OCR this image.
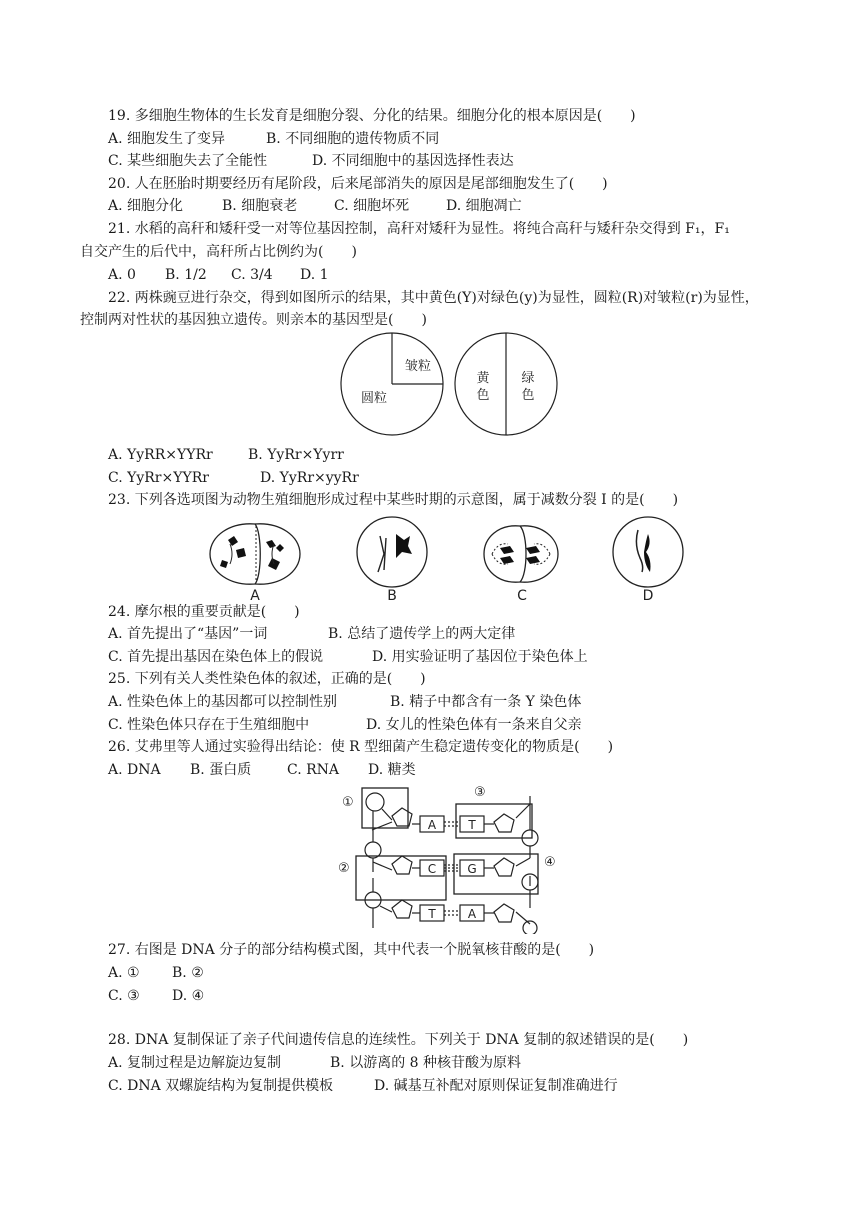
19. 多细胞生物体的生长发育是细胞分裂、分化的结果。细胞分化的根本原因是(　　)
A. 细胞发生了变异	B. 不同细胞的遗传物质不同
C. 某些细胞失去了全能性	D. 不同细胞中的基因选择性表达
20. 人在胚胎时期要经历有尾阶段，后来尾部消失的原因是尾部细胞发生了(　　)
A. 细胞分化	B. 细胞衰老	C. 细胞坏死	D. 细胞凋亡
21. 水稻的高秆和矮秆受一对等位基因控制，高秆对矮秆为显性。将纯合高秆与矮秆杂交得到 F₁，F₁
自交产生的后代中，高秆所占比例约为(　　)
A. 0 B. 1/2 C. 3/4 D. 1
22. 两株豌豆进行杂交，得到如图所示的结果，其中黄色(Y)对绿色(y)为显性，圆粒(R)对皱粒(r)为显性，
控制两对性状的基因独立遗传。则亲本的基因型是(　　)
皱粒
圆粒
黄
色
绿
色
A. YyRR×YYRr	B. YyRr×Yyrr
C. YyRr×YYRr	D. YyRr×yyRr
23. 下列各选项图为动物生殖细胞形成过程中某些时期的示意图，属于减数分裂 I 的是(　　)
A	B	C	D
24. 摩尔根的重要贡献是(　　)
A. 首先提出了“基因”一词	B. 总结了遗传学上的两大定律
C. 首先提出基因在染色体上的假说	D. 用实验证明了基因位于染色体上
25. 下列有关人类性染色体的叙述，正确的是(　　)
A. 性染色体上的基因都可以控制性别	B. 精子中都含有一条 Y 染色体
C. 性染色体只存在于生殖细胞中	D. 女儿的性染色体有一条来自父亲
26. 艾弗里等人通过实验得出结论：使 R 型细菌产生稳定遗传变化的物质是(　　)
A. DNA B. 蛋白质	C. RNA D. 糖类
①
②
③
④
A	T
C	G
T	A
27. 右图是 DNA 分子的部分结构模式图，其中代表一个脱氧核苷酸的是(　　)
A. ① B. ②
C. ③ D. ④
28. DNA 复制保证了亲子代间遗传信息的连续性。下列关于 DNA 复制的叙述错误的是(　　)
A. 复制过程是边解旋边复制	B. 以游离的 8 种核苷酸为原料
C. DNA 双螺旋结构为复制提供模板	D. 碱基互补配对原则保证复制准确进行
